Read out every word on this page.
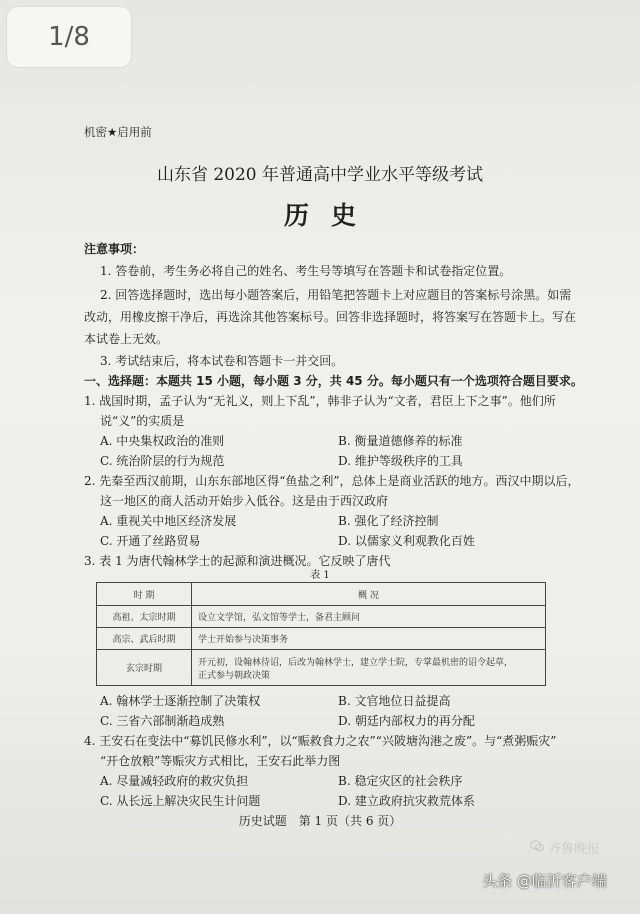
1/8
机密★启用前
山东省 2020 年普通高中学业水平等级考试
历史
注意事项：
1. 答卷前，考生务必将自己的姓名、考生号等填写在答题卡和试卷指定位置。
2. 回答选择题时，选出每小题答案后，用铅笔把答题卡上对应题目的答案标号涂黑。如需
改动，用橡皮擦干净后，再选涂其他答案标号。回答非选择题时，将答案写在答题卡上。写在
本试卷上无效。
3. 考试结束后，将本试卷和答题卡一并交回。
一、选择题：本题共 15 小题，每小题 3 分，共 45 分。每小题只有一个选项符合题目要求。
1. 战国时期，孟子认为“无礼义，则上下乱”，韩非子认为“文者，君臣上下之事”。他们所
说“义”的实质是
A. 中央集权政治的准则	B. 衡量道德修养的标准
C. 统治阶层的行为规范	D. 维护等级秩序的工具
2. 先秦至西汉前期，山东东部地区得“鱼盐之利”，总体上是商业活跃的地方。西汉中期以后，
这一地区的商人活动开始步入低谷。这是由于西汉政府
A. 重视关中地区经济发展	B. 强化了经济控制
C. 开通了丝路贸易	D. 以儒家义利观教化百姓
3. 表 1 为唐代翰林学士的起源和演进概况。它反映了唐代
表 1
时 期	概 况
高祖、太宗时期	设立文学馆，弘文馆等学士，备君主顾问
高宗、武后时期	学士开始参与决策事务
玄宗时期	开元初，设翰林待诏，后改为翰林学士，建立学士院，专掌最机密的诏令起草，
正式参与朝政决策
A. 翰林学士逐渐控制了决策权	B. 文官地位日益提高
C. 三省六部制渐趋成熟	D. 朝廷内部权力的再分配
4. 王安石在变法中“募饥民修水利”，以“赈救食力之农”“兴陂塘沟港之废”。与“煮粥赈灾”
“开仓放粮”等赈灾方式相比，王安石此举力图
A. 尽量减轻政府的救灾负担	B. 稳定灾区的社会秩序
C. 从长远上解决灾民生计问题	D. 建立政府抗灾救荒体系
历史试题　第 1 页（共 6 页）
齐鲁晚报
头条 @临沂客户端
